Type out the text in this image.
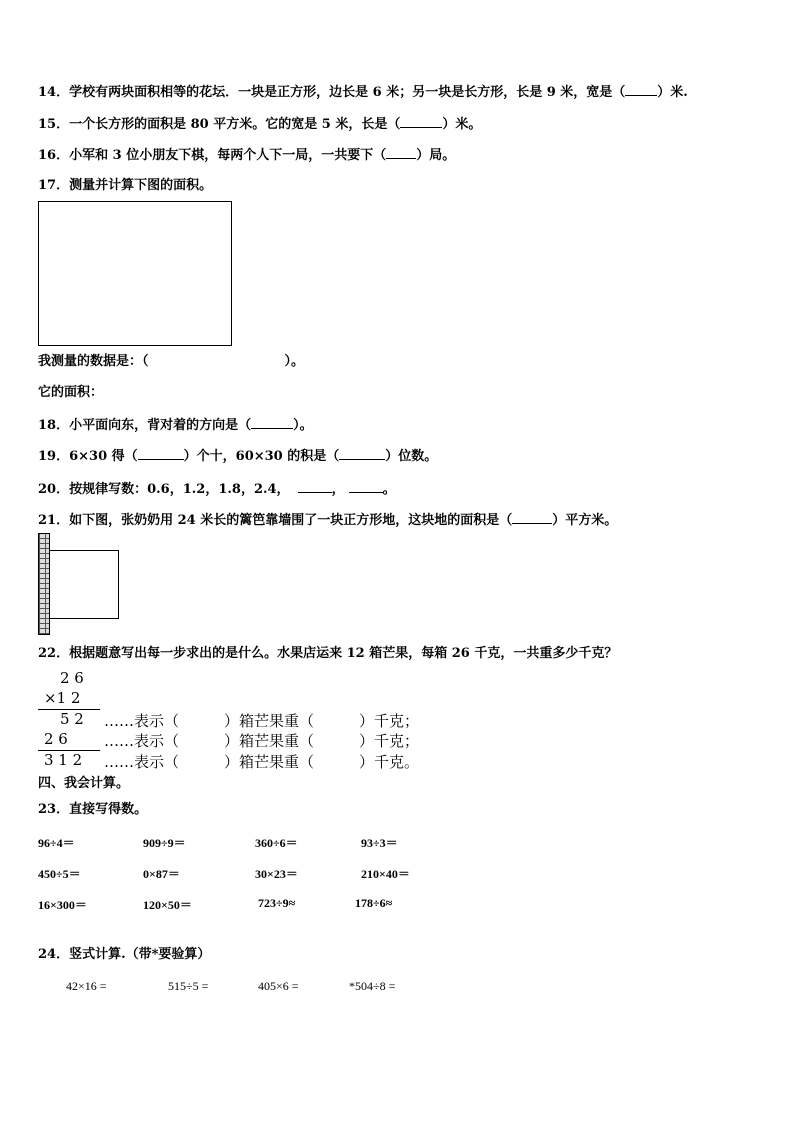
14．学校有两块面积相等的花坛．一块是正方形，边长是 6 米；另一块是长方形，长是 9 米，宽是（ ）米.
15．一个长方形的面积是 80 平方米。它的宽是 5 米，长是（	）米。
16．小军和 3 位小朋友下棋，每两个人下一局，一共要下（ ）局。
17．测量并计算下图的面积。
我测量的数据是：（	）。
它的面积：
18．小平面向东，背对着的方向是（	）。
19．6×30 得（	）个十，60×30 的积是（	）位数。
20．按规律写数：0.6，1.2，1.8，2.4，	，	。
21．如下图，张奶奶用 24 米长的篱笆靠墙围了一块正方形地，这块地的面积是（	）平方米。
22．根据题意写出每一步求出的是什么。水果店运来 12 箱芒果，每箱 26 千克，一共重多少千克？
2 6
×1 2
5 2 ……表示（　　　）箱芒果重（　　　）千克；
2 6 ……表示（　　　）箱芒果重（　　　）千克；
3 1 2 ……表示（　　　）箱芒果重（　　　）千克。
四、我会计算。
23．直接写得数。
96÷4＝	909÷9＝	360÷6＝	93÷3＝
450÷5＝	0×87＝	30×23＝	210×40＝
16×300＝	120×50＝	723÷9≈	178÷6≈
24．竖式计算.（带*要验算）
42×16 =	515÷5 =	405×6 =	*504÷8 =
